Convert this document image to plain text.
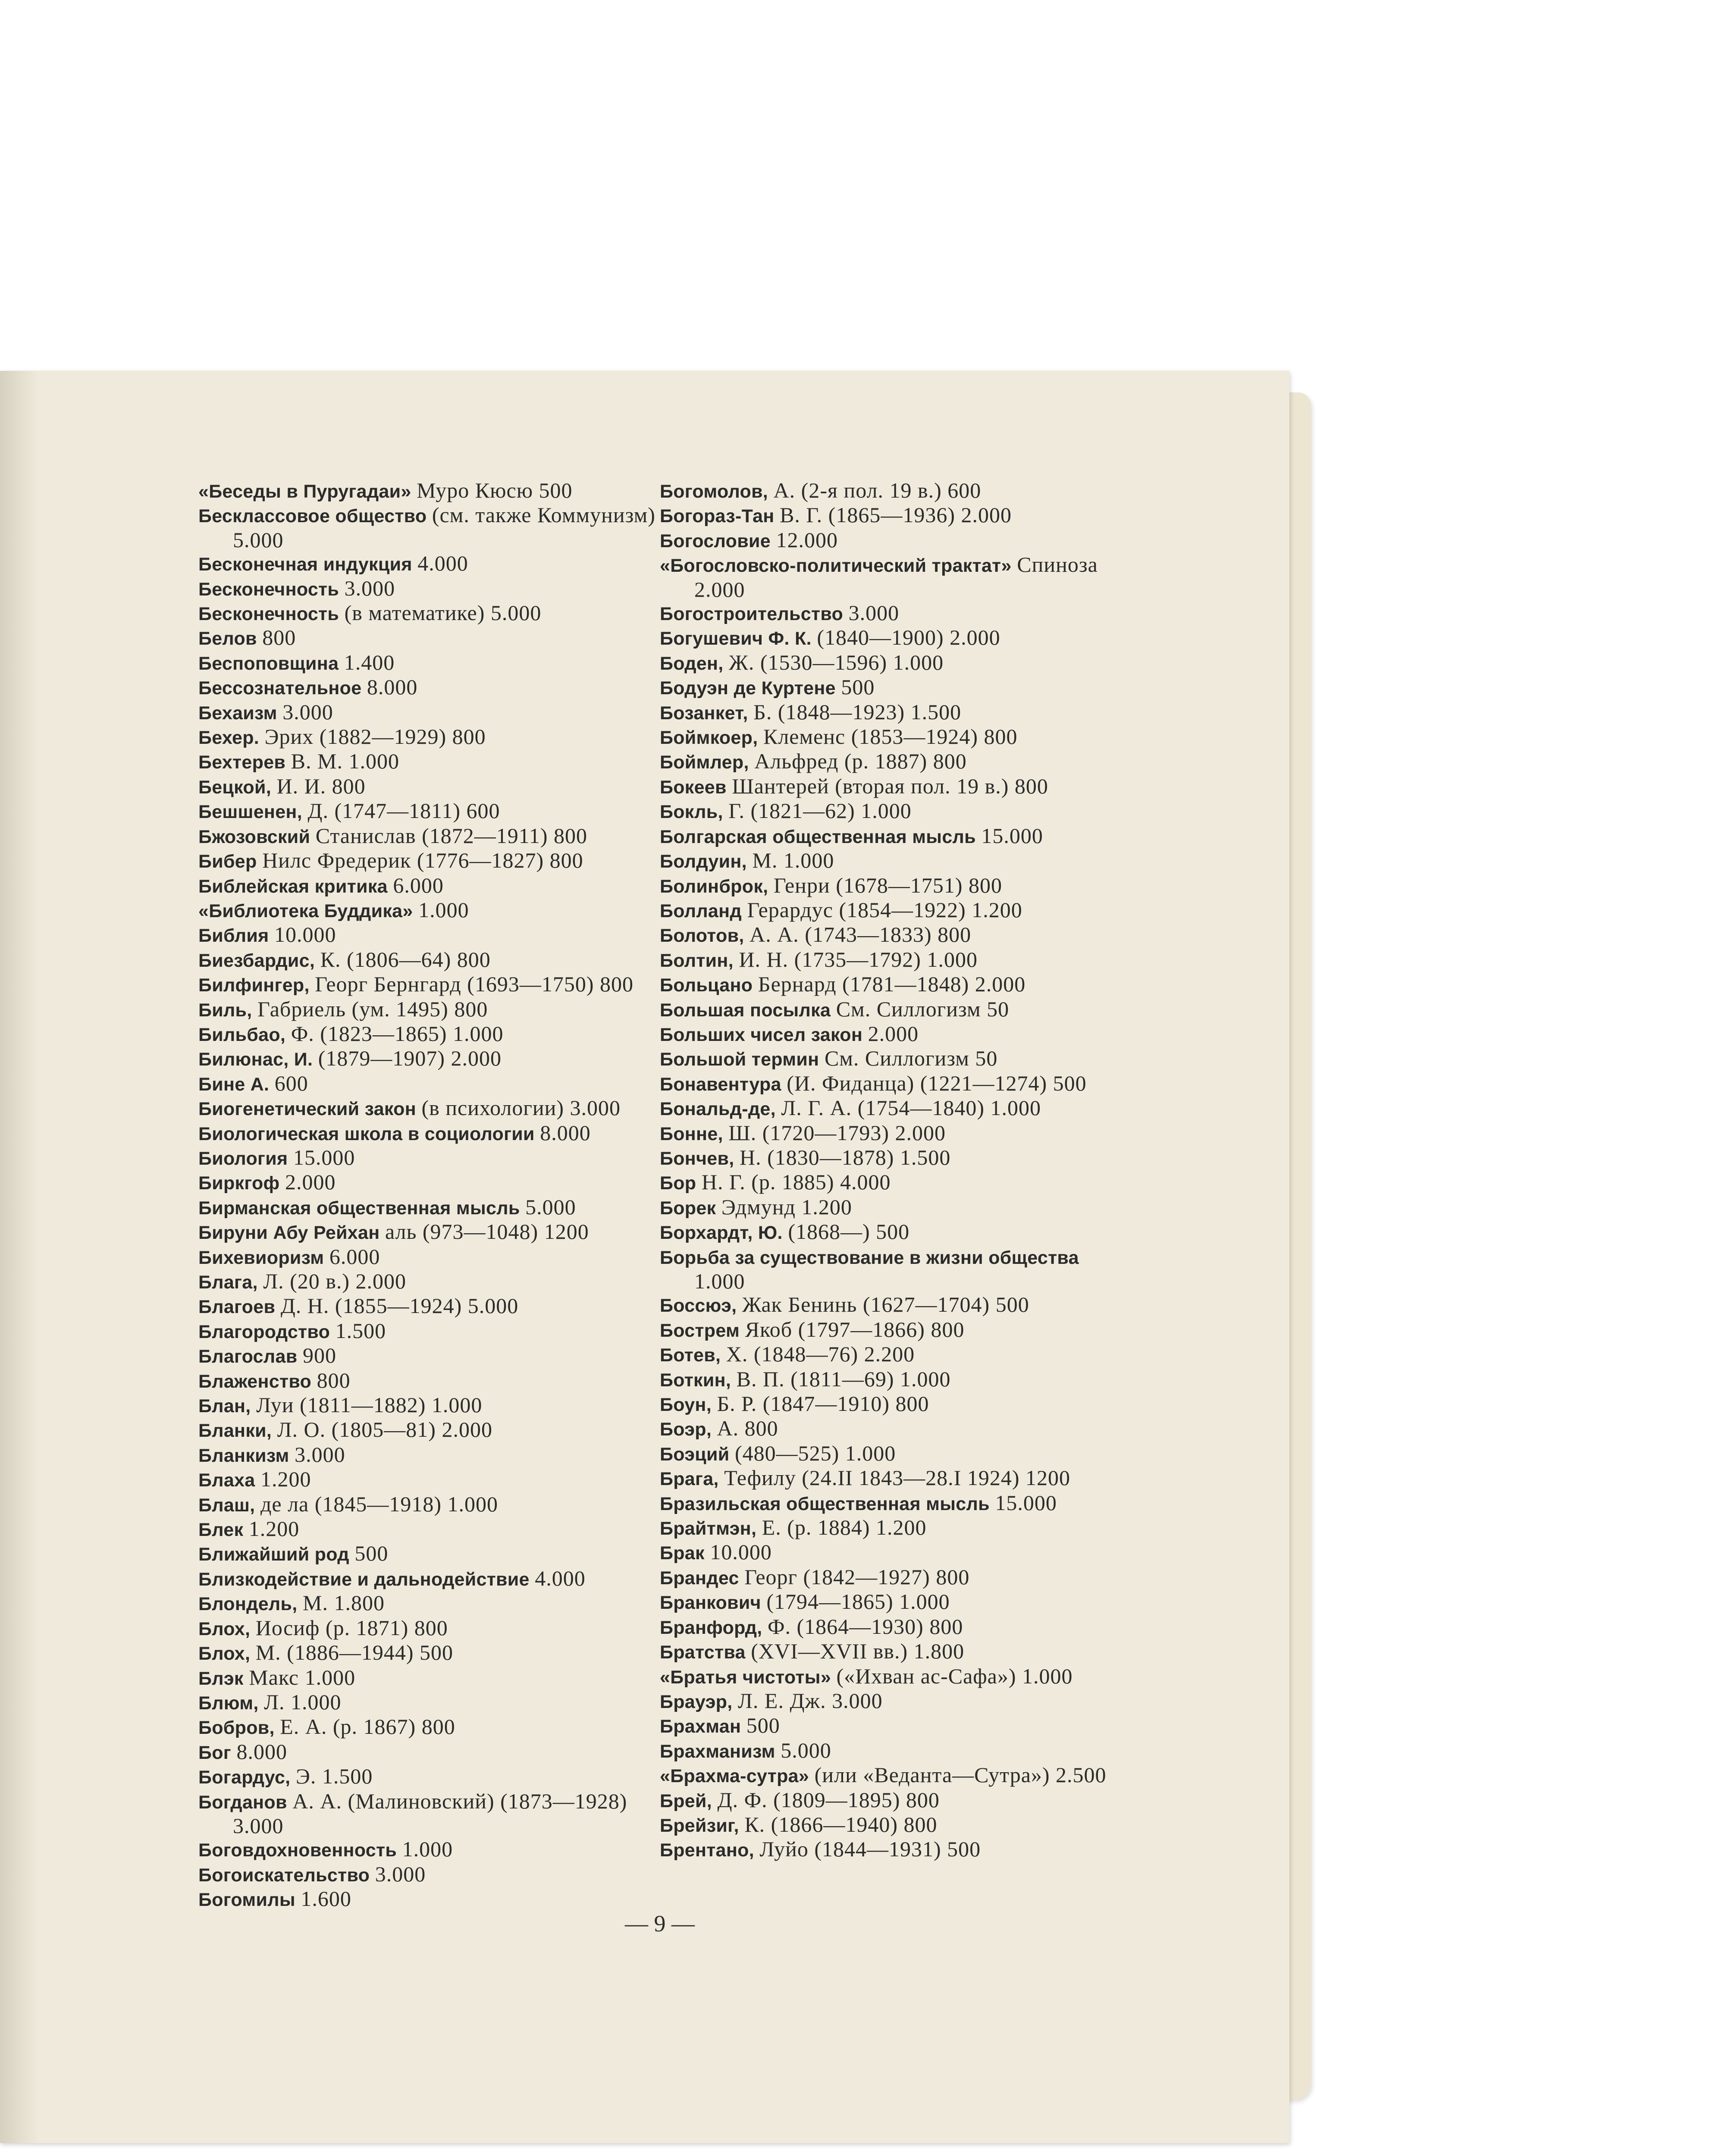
«Беседы в Пуругадаи» Муро Кюсю 500
Бесклассовое общество (см. также Коммунизм) 5.000
Бесконечная индукция 4.000
Бесконечность 3.000
Бесконечность (в математике) 5.000
Белов 800
Беспоповщина 1.400
Бессознательное 8.000
Бехаизм 3.000
Бехер. Эрих (1882—1929) 800
Бехтерев В. М. 1.000
Бецкой, И. И. 800
Бешшенен, Д. (1747—1811) 600
Бжозовский Станислав (1872—1911) 800
Бибер Нилс Фредерик (1776—1827) 800
Библейская критика 6.000
«Библиотека Буддика» 1.000
Библия 10.000
Биезбардис, К. (1806—64) 800
Билфингер, Георг Бернгард (1693—1750) 800
Биль, Габриель (ум. 1495) 800
Бильбао, Ф. (1823—1865) 1.000
Билюнас, И. (1879—1907) 2.000
Бине А. 600
Биогенетический закон (в психологии) 3.000
Биологическая школа в социологии 8.000
Биология 15.000
Биркгоф 2.000
Бирманская общественная мысль 5.000
Бируни Абу Рейхан аль (973—1048) 1200
Бихевиоризм 6.000
Блага, Л. (20 в.) 2.000
Благоев Д. Н. (1855—1924) 5.000
Благородство 1.500
Благослав 900
Блаженство 800
Блан, Луи (1811—1882) 1.000
Бланки, Л. О. (1805—81) 2.000
Бланкизм 3.000
Блаха 1.200
Блаш, де ла (1845—1918) 1.000
Блек 1.200
Ближайший род 500
Близкодействие и дальнодействие 4.000
Блондель, М. 1.800
Блох, Иосиф (р. 1871) 800
Блох, М. (1886—1944) 500
Блэк Макс 1.000
Блюм, Л. 1.000
Бобров, Е. А. (р. 1867) 800
Бог 8.000
Богардус, Э. 1.500
Богданов А. А. (Малиновский) (1873—1928) 3.000
Боговдохновенность 1.000
Богоискательство 3.000
Богомилы 1.600
Богомолов, А. (2-я пол. 19 в.) 600
Богораз-Тан В. Г. (1865—1936) 2.000
Богословие 12.000
«Богословско-политический трактат» Спиноза 2.000
Богостроительство 3.000
Богушевич Ф. К. (1840—1900) 2.000
Боден, Ж. (1530—1596) 1.000
Бодуэн де Куртене 500
Бозанкет, Б. (1848—1923) 1.500
Боймкоер, Клеменс (1853—1924) 800
Боймлер, Альфред (р. 1887) 800
Бокеев Шантерей (вторая пол. 19 в.) 800
Бокль, Г. (1821—62) 1.000
Болгарская общественная мысль 15.000
Болдуин, М. 1.000
Болинброк, Генри (1678—1751) 800
Болланд Герардус (1854—1922) 1.200
Болотов, А. А. (1743—1833) 800
Болтин, И. Н. (1735—1792) 1.000
Больцано Бернард (1781—1848) 2.000
Большая посылка См. Силлогизм 50
Больших чисел закон 2.000
Большой термин См. Силлогизм 50
Бонавентура (И. Фиданца) (1221—1274) 500
Бональд-де, Л. Г. А. (1754—1840) 1.000
Бонне, Ш. (1720—1793) 2.000
Бончев, Н. (1830—1878) 1.500
Бор Н. Г. (р. 1885) 4.000
Борек Эдмунд 1.200
Борхардт, Ю. (1868—) 500
Борьба за существование в жизни общества 1.000
Боссюэ, Жак Бенинь (1627—1704) 500
Бострем Якоб (1797—1866) 800
Ботев, Х. (1848—76) 2.200
Боткин, В. П. (1811—69) 1.000
Боун, Б. Р. (1847—1910) 800
Боэр, А. 800
Боэций (480—525) 1.000
Брага, Тефилу (24.II 1843—28.I 1924) 1200
Бразильская общественная мысль 15.000
Брайтмэн, Е. (р. 1884) 1.200
Брак 10.000
Брандес Георг (1842—1927) 800
Бранкович (1794—1865) 1.000
Бранфорд, Ф. (1864—1930) 800
Братства (XVI—XVII вв.) 1.800
«Братья чистоты» («Ихван ас-Сафа») 1.000
Брауэр, Л. Е. Дж. 3.000
Брахман 500
Брахманизм 5.000
«Брахма-сутра» (или «Веданта—Сутра») 2.500
Брей, Д. Ф. (1809—1895) 800
Брейзиг, К. (1866—1940) 800
Брентано, Луйо (1844—1931) 500
— 9 —
